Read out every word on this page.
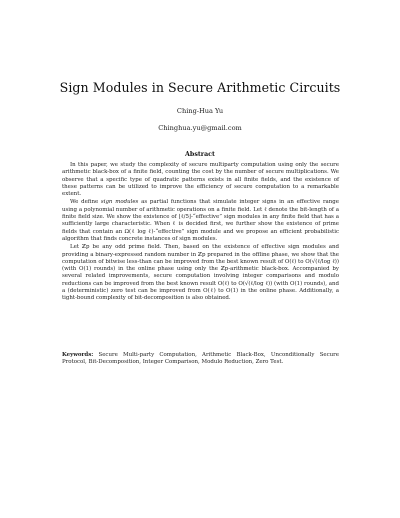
Sign Modules in Secure Arithmetic Circuits
Ching-Hua Yu
Chinghua.yu@gmail.com
Abstract

In this paper, we study the complexity of secure multiparty computation using only the secure arithmetic black-box of a finite field, counting the cost by the number of secure multiplications. We observe that a specific type of quadratic patterns exists in all finite fields, and the existence of these patterns can be utilized to improve the efficiency of secure computation to a remarkable extent.

We define sign modules as partial functions that simulate integer signs in an effective range using a polynomial number of arithmetic operations on a finite field. Let ℓ denote the bit-length of a finite field size. We show the existence of ⌊ℓ/5⌋-“effective” sign modules in any finite field that has a sufficiently large characteristic. When ℓ is decided first, we further show the existence of prime fields that contain an Ω(ℓ log ℓ)-“effective” sign module and we propose an efficient probabilistic algorithm that finds concrete instances of sign modules.

Let ℤp be any odd prime field. Then, based on the existence of effective sign modules and providing a binary-expressed random number in ℤp prepared in the offline phase, we show that the computation of bitwise less-than can be improved from the best known result of O(ℓ) to O(√(ℓ/log ℓ)) (with O(1) rounds) in the online phase using only the ℤp-arithmetic black-box. Accompanied by several related improvements, secure computation involving integer comparisons and modulo reductions can be improved from the best known result O(ℓ) to O(√(ℓ/log ℓ)) (with O(1) rounds), and a (deterministic) zero test can be improved from O(ℓ) to O(1) in the online phase. Additionally, a tight-bound complexity of bit-decomposition is also obtained.

Keywords: Secure Multi-party Computation, Arithmetic Black-Box, Unconditionally Secure Protocol, Bit-Decomposition, Integer Comparison, Modulo Reduction, Zero Test.
